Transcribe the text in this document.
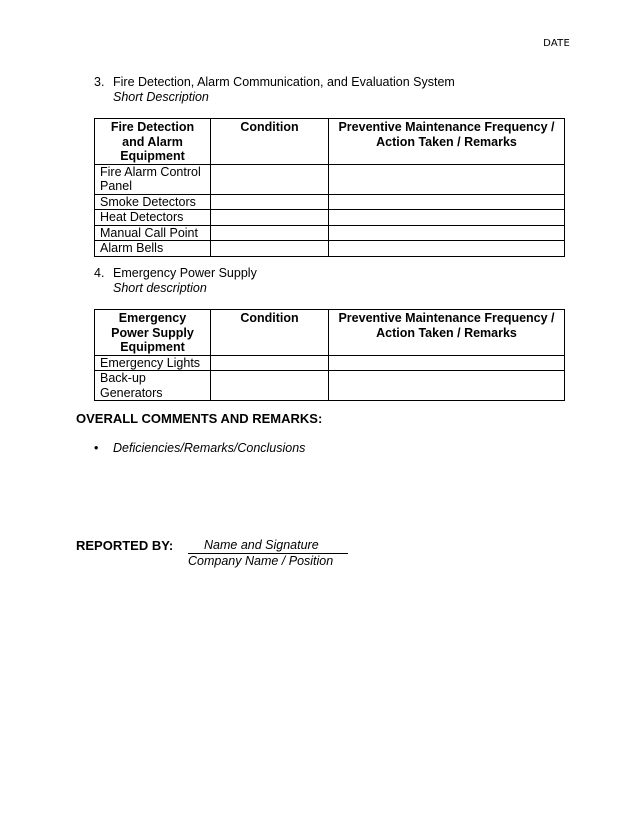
DATE
3. Fire Detection, Alarm Communication, and Evaluation System
Short Description
Fire Detection and Alarm Equipment	Condition	Preventive Maintenance Frequency / Action Taken / Remarks
Fire Alarm Control Panel		
Smoke Detectors		
Heat Detectors		
Manual Call Point		
Alarm Bells		
4. Emergency Power Supply
Short description
Emergency Power Supply Equipment	Condition	Preventive Maintenance Frequency / Action Taken / Remarks
Emergency Lights		
Back-up Generators		
OVERALL COMMENTS AND REMARKS:
• Deficiencies/Remarks/Conclusions
REPORTED BY:	Name and Signature
Company Name / Position
